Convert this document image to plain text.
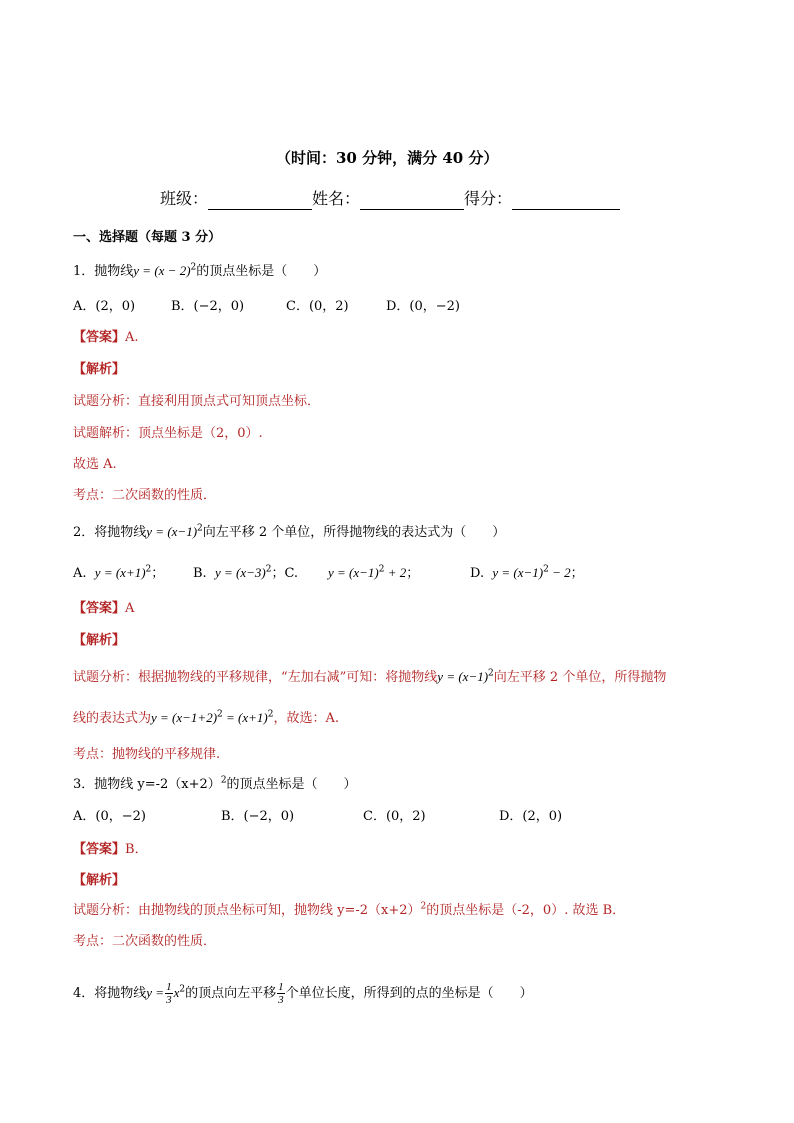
（时间：30 分钟，满分 40 分）
班级：	姓名：	得分：
一、选择题（每题 3 分）
1．抛物线$y = (x - 2)^2$的顶点坐标是（　　）
A．(2，0)	B．(−2，0)	C．(0，2)	D．(0，−2)
【答案】A.
【解析】
试题分析：直接利用顶点式可知顶点坐标．
试题解析：顶点坐标是（2，0）.
故选 A.
考点：二次函数的性质．
2．将抛物线$y = (x-1)^2$向左平移 2 个单位，所得抛物线的表达式为（　　）
A. $y = (x+1)^2$； B. $y = (x-3)^2$；C. $y = (x-1)^2 + 2$；	D. $y = (x-1)^2 - 2$；
【答案】A
【解析】
试题分析：根据抛物线的平移规律，“左加右减”可知：将抛物线$y = (x-1)^2$向左平移 2 个单位，所得抛物
线的表达式为$y = (x-1+2)^2 = (x+1)^2$，故选：A.
考点：抛物线的平移规律.
3．抛物线 $y=-2(x+2)^2$的顶点坐标是（　　）
A．(0，−2)	B．(−2，0)	C．(0，2)	D．(2，0)
【答案】B．
【解析】
试题分析：由抛物线的顶点坐标可知，抛物线 $y=-2(x+2)^2$的顶点坐标是（-2，0）. 故选 B．
考点：二次函数的性质．
4．将抛物线$y = \frac{1}{3} x^2$的顶点向左平移 $\frac{1}{3}$ 个单位长度，所得到的点的坐标是（　　）
